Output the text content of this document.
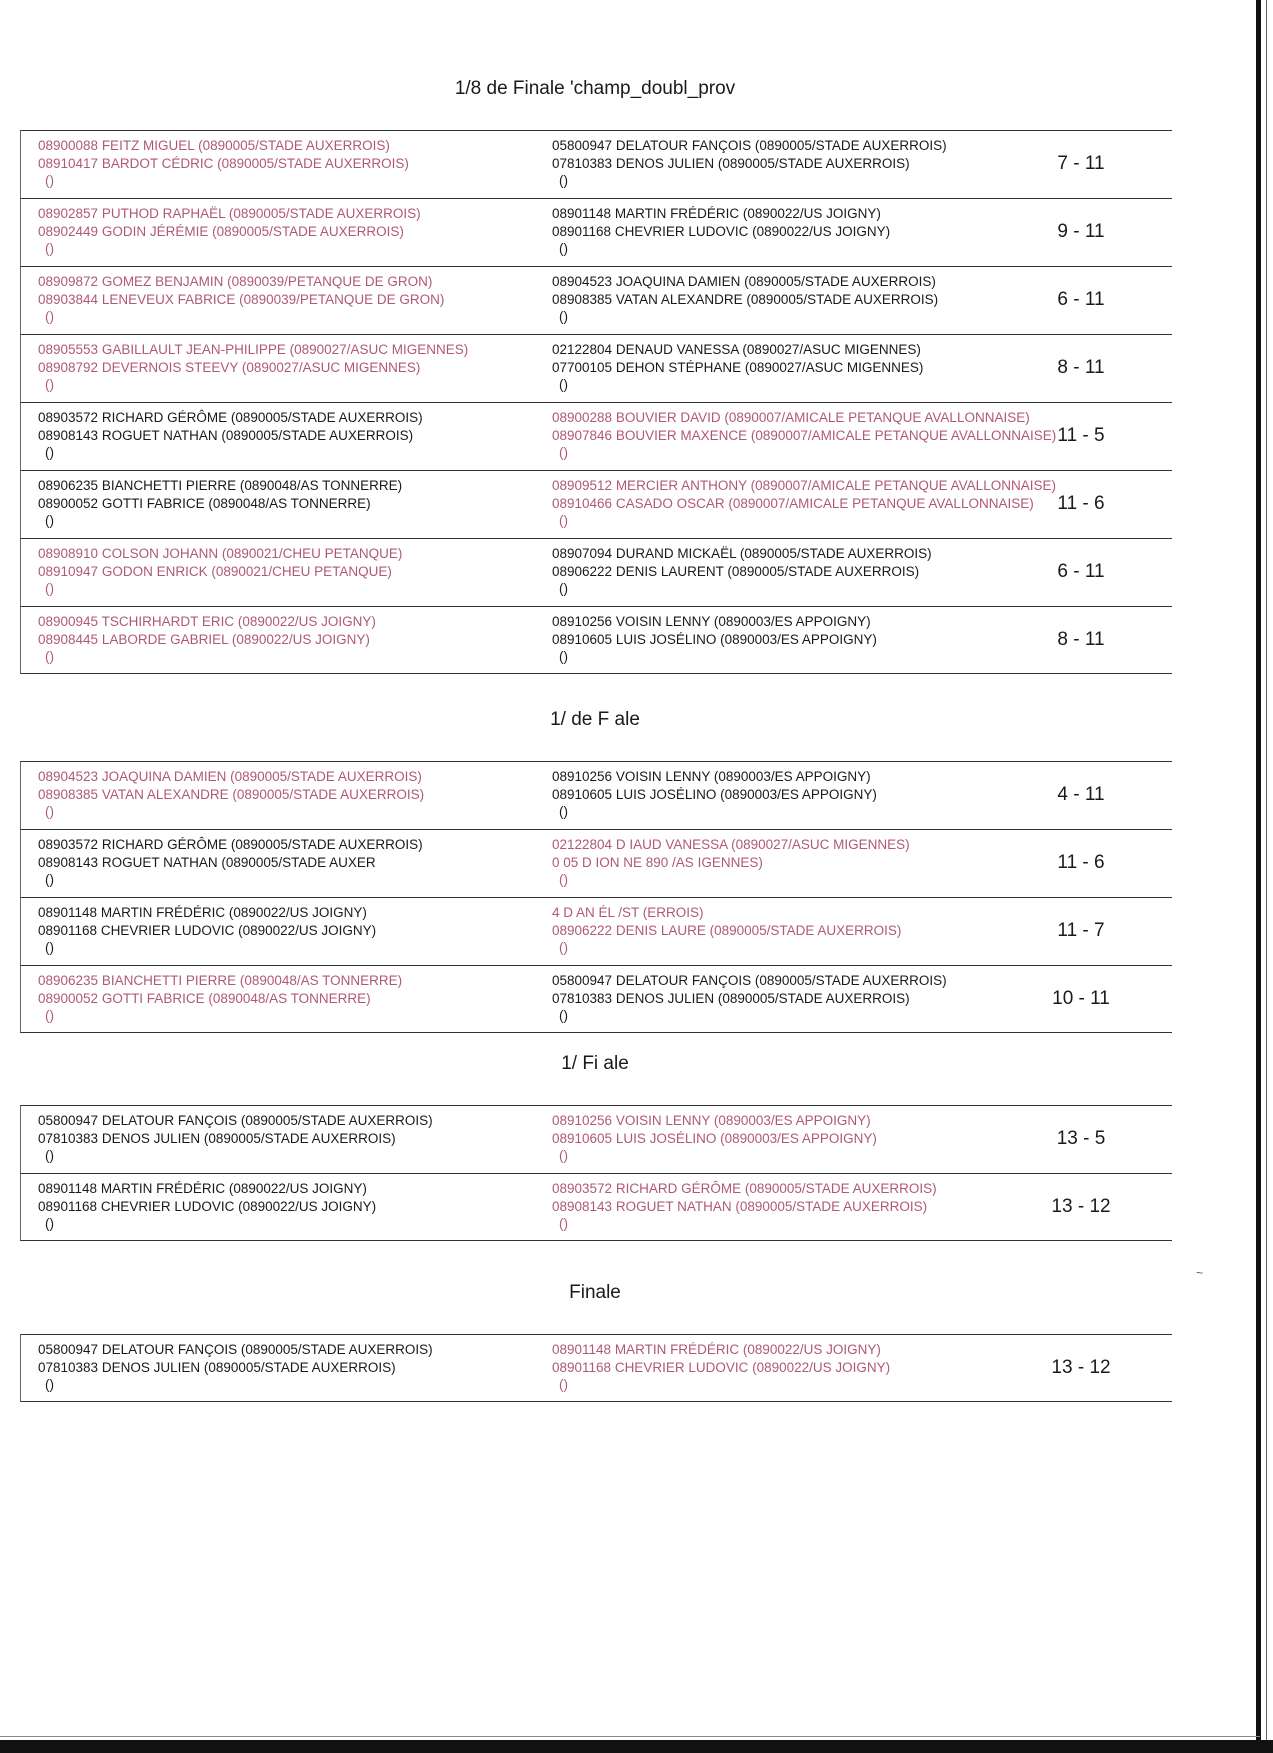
~
1/8 de Finale 'champ_doubl_prov
08900088 FEITZ MIGUEL (0890005/STADE AUXERROIS)
08910417 BARDOT CÉDRIC (0890005/STADE AUXERROIS)
()
05800947 DELATOUR FANÇOIS (0890005/STADE AUXERROIS)
07810383 DENOS JULIEN (0890005/STADE AUXERROIS)
()
7 - 11
08902857 PUTHOD RAPHAËL (0890005/STADE AUXERROIS)
08902449 GODIN JÉRÉMIE (0890005/STADE AUXERROIS)
()
08901148 MARTIN FRÉDÉRIC (0890022/US JOIGNY)
08901168 CHEVRIER LUDOVIC (0890022/US JOIGNY)
()
9 - 11
08909872 GOMEZ BENJAMIN (0890039/PETANQUE DE GRON)
08903844 LENEVEUX FABRICE (0890039/PETANQUE DE GRON)
()
08904523 JOAQUINA DAMIEN (0890005/STADE AUXERROIS)
08908385 VATAN ALEXANDRE (0890005/STADE AUXERROIS)
()
6 - 11
08905553 GABILLAULT JEAN-PHILIPPE (0890027/ASUC MIGENNES)
08908792 DEVERNOIS STEEVY (0890027/ASUC MIGENNES)
()
02122804 DENAUD VANESSA (0890027/ASUC MIGENNES)
07700105 DEHON STÉPHANE (0890027/ASUC MIGENNES)
()
8 - 11
08903572 RICHARD GÉRÔME (0890005/STADE AUXERROIS)
08908143 ROGUET NATHAN (0890005/STADE AUXERROIS)
()
08900288 BOUVIER DAVID (0890007/AMICALE PETANQUE AVALLONNAISE)
08907846 BOUVIER MAXENCE (0890007/AMICALE PETANQUE AVALLONNAISE)
()
11 - 5
08906235 BIANCHETTI PIERRE (0890048/AS TONNERRE)
08900052 GOTTI FABRICE (0890048/AS TONNERRE)
()
08909512 MERCIER ANTHONY (0890007/AMICALE PETANQUE AVALLONNAISE)
08910466 CASADO OSCAR (0890007/AMICALE PETANQUE AVALLONNAISE)
()
11 - 6
08908910 COLSON JOHANN (0890021/CHEU PETANQUE)
08910947 GODON ENRICK (0890021/CHEU PETANQUE)
()
08907094 DURAND MICKAËL (0890005/STADE AUXERROIS)
08906222 DENIS LAURENT (0890005/STADE AUXERROIS)
()
6 - 11
08900945 TSCHIRHARDT ERIC (0890022/US JOIGNY)
08908445 LABORDE GABRIEL (0890022/US JOIGNY)
()
08910256 VOISIN LENNY (0890003/ES APPOIGNY)
08910605 LUIS JOSÉLINO (0890003/ES APPOIGNY)
()
8 - 11
1/ de F ale
08904523 JOAQUINA DAMIEN (0890005/STADE AUXERROIS)
08908385 VATAN ALEXANDRE (0890005/STADE AUXERROIS)
()
08910256 VOISIN LENNY (0890003/ES APPOIGNY)
08910605 LUIS JOSÉLINO (0890003/ES APPOIGNY)
()
4 - 11
08903572 RICHARD GÉRÔME (0890005/STADE AUXERROIS)
08908143 ROGUET NATHAN (0890005/STADE AUXER
()
02122804 D IAUD VANESSA (0890027/ASUC MIGENNES)
0 05 D ION NE 890 /AS IGENNES)
()
11 - 6
08901148 MARTIN FRÉDÉRIC (0890022/US JOIGNY)
08901168 CHEVRIER LUDOVIC (0890022/US JOIGNY)
()
4 D AN ÉL /ST (ERROIS)
08906222 DENIS LAURE (0890005/STADE AUXERROIS)
()
11 - 7
08906235 BIANCHETTI PIERRE (0890048/AS TONNERRE)
08900052 GOTTI FABRICE (0890048/AS TONNERRE)
()
05800947 DELATOUR FANÇOIS (0890005/STADE AUXERROIS)
07810383 DENOS JULIEN (0890005/STADE AUXERROIS)
()
10 - 11
1/ Fi ale
05800947 DELATOUR FANÇOIS (0890005/STADE AUXERROIS)
07810383 DENOS JULIEN (0890005/STADE AUXERROIS)
()
08910256 VOISIN LENNY (0890003/ES APPOIGNY)
08910605 LUIS JOSÉLINO (0890003/ES APPOIGNY)
()
13 - 5
08901148 MARTIN FRÉDÉRIC (0890022/US JOIGNY)
08901168 CHEVRIER LUDOVIC (0890022/US JOIGNY)
()
08903572 RICHARD GÉRÔME (0890005/STADE AUXERROIS)
08908143 ROGUET NATHAN (0890005/STADE AUXERROIS)
()
13 - 12
Finale
05800947 DELATOUR FANÇOIS (0890005/STADE AUXERROIS)
07810383 DENOS JULIEN (0890005/STADE AUXERROIS)
()
08901148 MARTIN FRÉDÉRIC (0890022/US JOIGNY)
08901168 CHEVRIER LUDOVIC (0890022/US JOIGNY)
()
13 - 12
